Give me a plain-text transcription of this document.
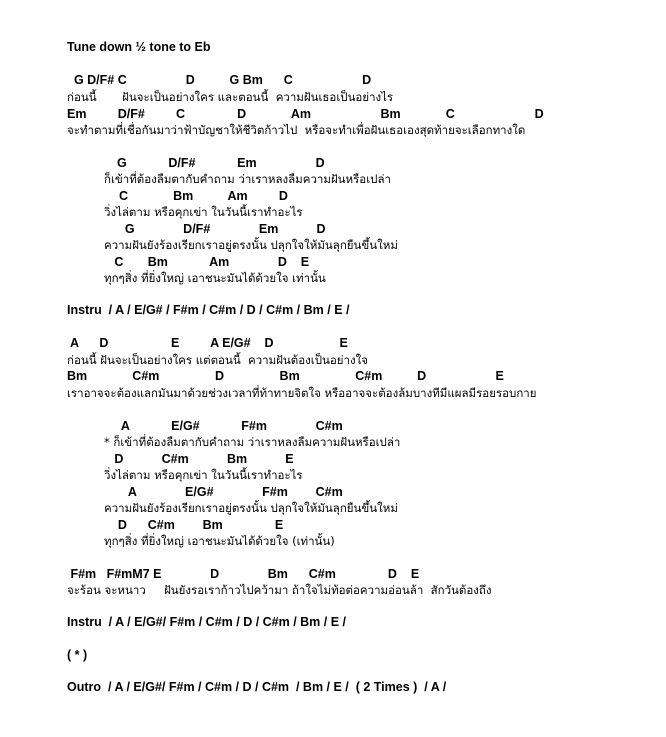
Tune down ½ tone to Eb
G D/F# C                 D          G Bm      C                    D
ก่อนนี้       ฝันจะเป็นอย่างใคร และตอนนี้  ความฝันเธอเป็นอย่างไร
Em         D/F#         C               D             Am                    Bm             C                       D
จะทำตามที่เชื่อกันมาว่าฟ้าบัญชาให้ชีวิตก้าวไป  หรือจะทำเพื่อฝันเธอเองสุดท้ายจะเลือกทางใด
G            D/F#            Em                 D
ก็เข้าที่ต้องลืมตากับคำถาม ว่าเราหลงลืมความฝันหรือเปล่า
C             Bm          Am         D
วิ่งไล่ตาม หรือคุกเข่า ในวันนี้เราทำอะไร
G              D/F#              Em           D
ความฝันยังร้องเรียกเราอยู่ตรงนั้น ปลุกใจให้มันลุกยืนขึ้นใหม่
C       Bm            Am              D    E
ทุกๆสิ่ง ที่ยิ่งใหญ่ เอาชนะมันได้ด้วยใจ เท่านั้น
Instru  / A / E/G# / F#m / C#m / D / C#m / Bm / E /
A      D                  E         A E/G#    D                   E
ก่อนนี้ ฝันจะเป็นอย่างใคร แต่ตอนนี้  ความฝันต้องเป็นอย่างใจ
Bm             C#m                D                Bm                C#m          D                    E
เราอาจจะต้องแลกมันมาด้วยช่วงเวลาที่ท้าทายจิตใจ หรืออาจจะต้องล้มบางทีมีแผลมีรอยรอบกาย
A            E/G#            F#m              C#m
* ก็เข้าที่ต้องลืมตากับคำถาม ว่าเราหลงลืมความฝันหรือเปล่า
D           C#m           Bm           E
วิ่งไล่ตาม หรือคุกเข่า ในวันนี้เราทำอะไร
A              E/G#              F#m        C#m
ความฝันยังร้องเรียกเราอยู่ตรงนั้น ปลุกใจให้มันลุกยืนขึ้นใหม่
D      C#m        Bm               E
ทุกๆสิ่ง ที่ยิ่งใหญ่ เอาชนะมันได้ด้วยใจ (เท่านั้น)
F#m   F#mM7 E              D              Bm      C#m               D    E
จะร้อน จะหนาว     ฝันยังรอเราก้าวไปคว้ามา ถ้าใจไม่ท้อต่อความอ่อนล้า  สักวันต้องถึง
Instru  / A / E/G#/ F#m / C#m / D / C#m / Bm / E /
( * )
Outro  / A / E/G#/ F#m / C#m / D / C#m  / Bm / E /  ( 2 Times )  / A /
